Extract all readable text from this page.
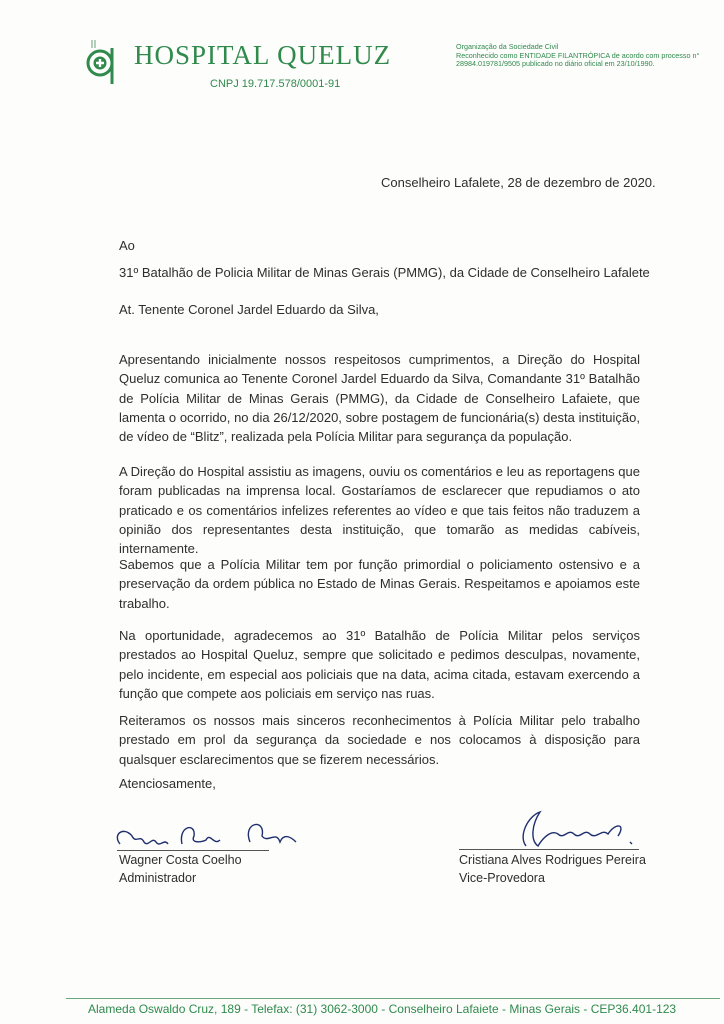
HOSPITAL QUELUZ
CNPJ 19.717.578/0001-91
Organização da Sociedade Civil
Reconhecido como ENTIDADE FILANTRÓPICA de acordo com processo n°
28984.019781/9505 publicado no diário oficial em 23/10/1990.
Conselheiro Lafalete, 28 de dezembro de 2020.
Ao
31º Batalhão de Policia Militar de Minas Gerais (PMMG), da Cidade de Conselheiro Lafalete
At. Tenente Coronel Jardel Eduardo da Silva,
Apresentando inicialmente nossos respeitosos cumprimentos, a Direção do Hospital Queluz comunica ao Tenente Coronel Jardel Eduardo da Silva, Comandante 31º Batalhão de Polícia Militar de Minas Gerais (PMMG), da Cidade de Conselheiro Lafaiete, que lamenta o ocorrido, no dia 26/12/2020, sobre postagem de funcionária(s) desta instituição, de vídeo de “Blitz”, realizada pela Polícia Militar para segurança da população.
A Direção do Hospital assistiu as imagens, ouviu os comentários e leu as reportagens que foram publicadas na imprensa local. Gostaríamos de esclarecer que repudiamos o ato praticado e os comentários infelizes referentes ao vídeo e que tais feitos não traduzem a opinião dos representantes desta instituição, que tomarão as medidas cabíveis, internamente.
Sabemos que a Polícia Militar tem por função primordial o policiamento ostensivo e a preservação da ordem pública no Estado de Minas Gerais. Respeitamos e apoiamos este trabalho.
Na oportunidade, agradecemos ao 31º Batalhão de Polícia Militar pelos serviços prestados ao Hospital Queluz, sempre que solicitado e pedimos desculpas, novamente, pelo incidente, em especial aos policiais que na data, acima citada, estavam exercendo a função que compete aos policiais em serviço nas ruas.
Reiteramos os nossos mais sinceros reconhecimentos à Polícia Militar pelo trabalho prestado em prol da segurança da sociedade e nos colocamos à disposição para qualsquer esclarecimentos que se fizerem necessários.
Atenciosamente,
Wagner Costa Coelho
Administrador
Cristiana Alves Rodrigues Pereira
Vice-Provedora
Alameda Oswaldo Cruz, 189 - Telefax: (31) 3062-3000 - Conselheiro Lafaiete - Minas Gerais - CEP36.401-123
